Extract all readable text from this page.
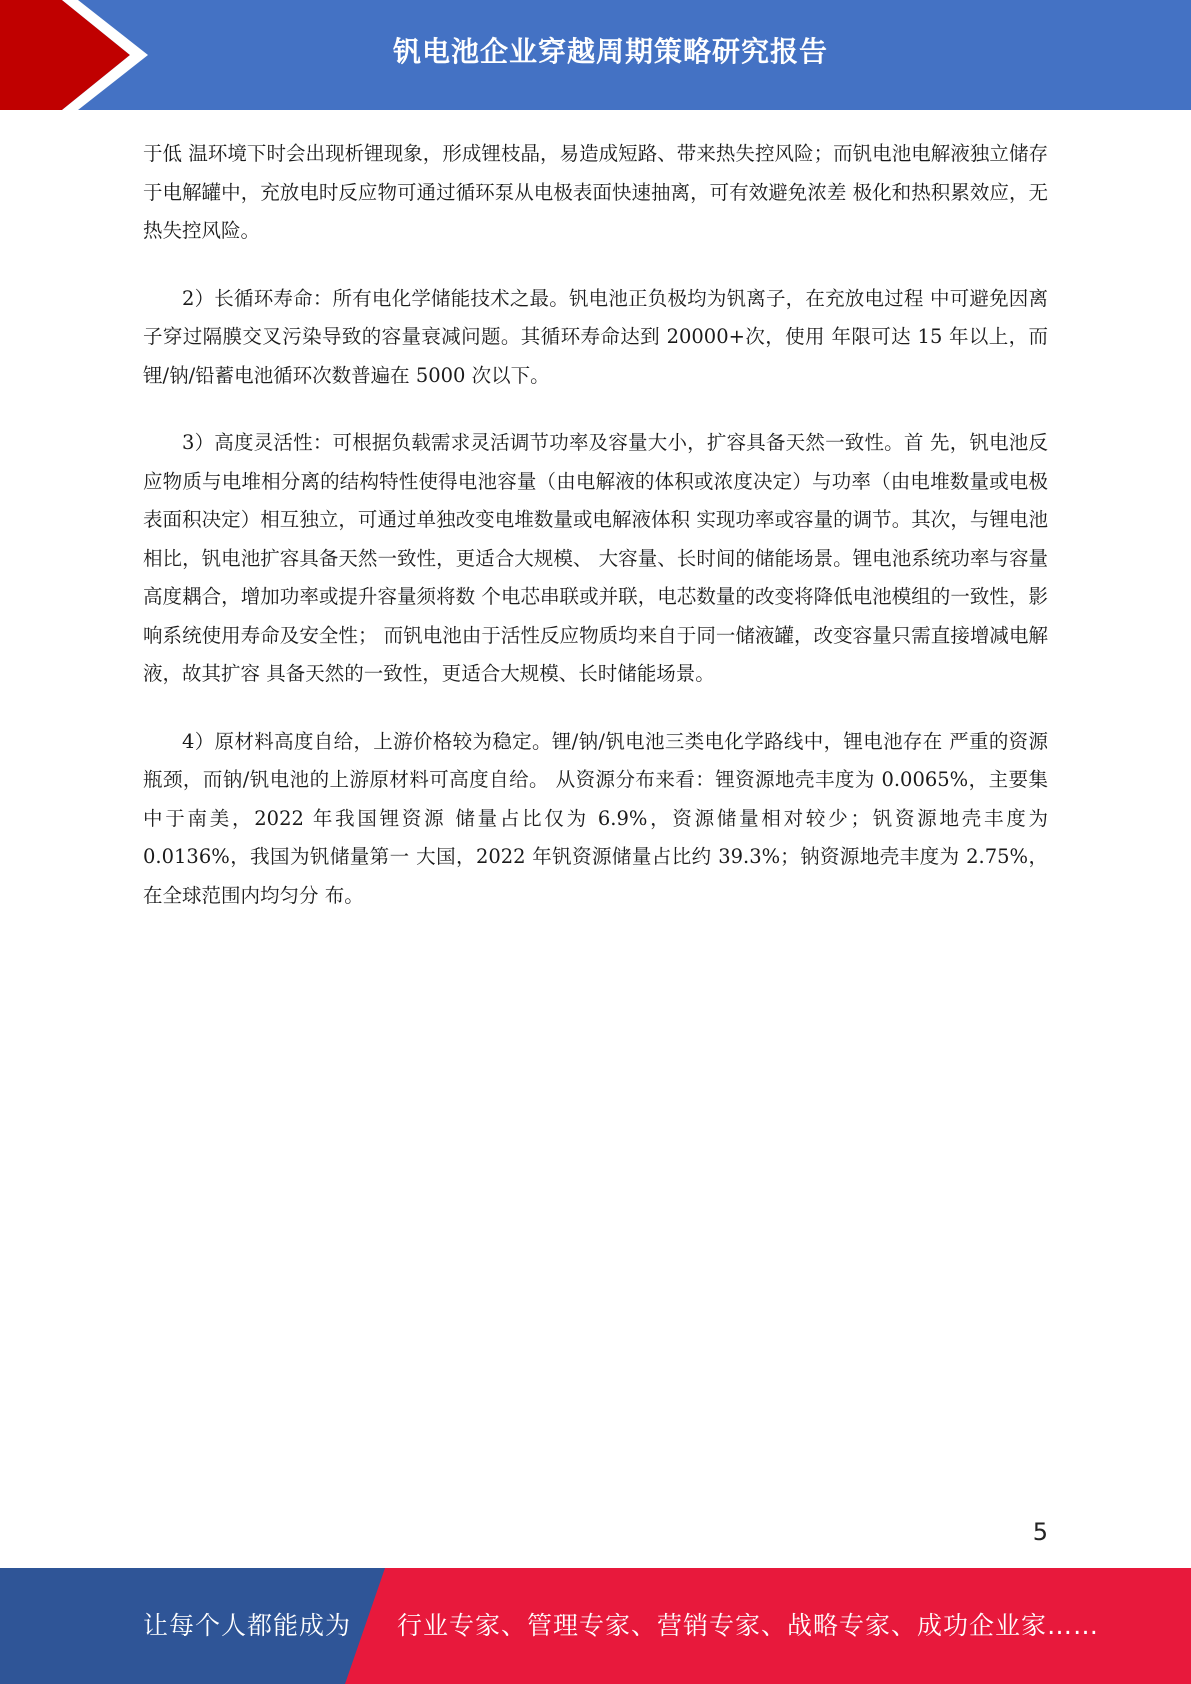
钒电池企业穿越周期策略研究报告

于低 温环境下时会出现析锂现象，形成锂枝晶，易造成短路、带来热失控风险；而钒电池电解液独立储存于电解罐中，充放电时反应物可通过循环泵从电极表面快速抽离，可有效避免浓差 极化和热积累效应，无热失控风险。

2）长循环寿命：所有电化学储能技术之最。钒电池正负极均为钒离子，在充放电过程 中可避免因离子穿过隔膜交叉污染导致的容量衰减问题。其循环寿命达到 20000+次，使用 年限可达 15 年以上，而锂/钠/铅蓄电池循环次数普遍在 5000 次以下。

3）高度灵活性：可根据负载需求灵活调节功率及容量大小，扩容具备天然一致性。首 先，钒电池反应物质与电堆相分离的结构特性使得电池容量（由电解液的体积或浓度决定）与功率（由电堆数量或电极表面积决定）相互独立，可通过单独改变电堆数量或电解液体积 实现功率或容量的调节。其次，与锂电池相比，钒电池扩容具备天然一致性，更适合大规模、 大容量、长时间的储能场景。锂电池系统功率与容量高度耦合，增加功率或提升容量须将数 个电芯串联或并联，电芯数量的改变将降低电池模组的一致性，影响系统使用寿命及安全性； 而钒电池由于活性反应物质均来自于同一储液罐，改变容量只需直接增减电解液，故其扩容 具备天然的一致性，更适合大规模、长时储能场景。

4）原材料高度自给，上游价格较为稳定。锂/钠/钒电池三类电化学路线中，锂电池存在 严重的资源瓶颈，而钠/钒电池的上游原材料可高度自给。 从资源分布来看：锂资源地壳丰度为 0.0065%，主要集中于南美，2022 年我国锂资源 储量占比仅为 6.9%，资源储量相对较少；钒资源地壳丰度为 0.0136%，我国为钒储量第一 大国，2022 年钒资源储量占比约 39.3%；钠资源地壳丰度为 2.75%，在全球范围内均匀分 布。

5
让每个人都能成为 行业专家、管理专家、营销专家、战略专家、成功企业家……
